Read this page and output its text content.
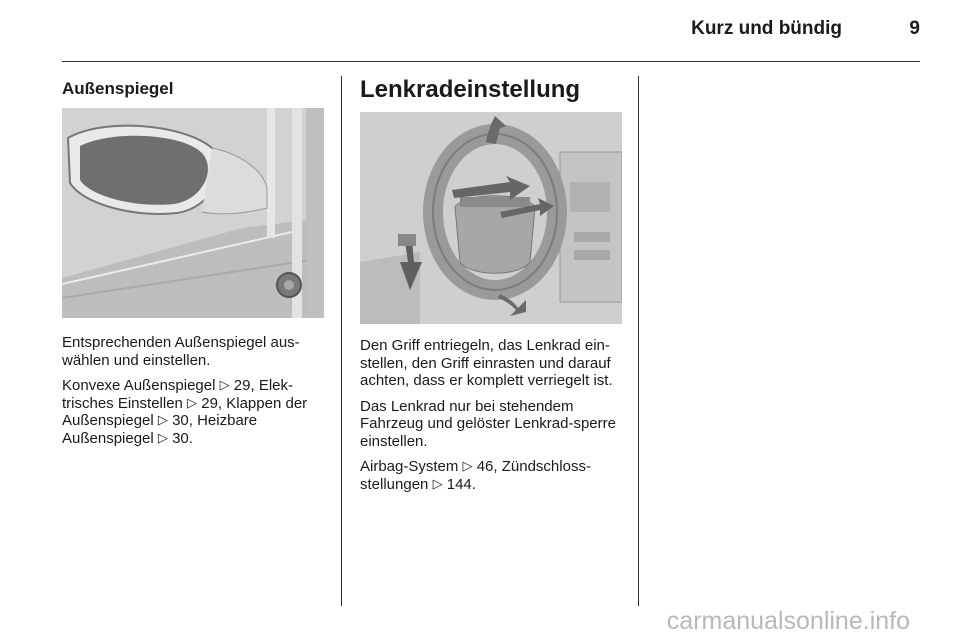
Kurz und bündig	9
Außenspiegel

Entsprechenden Außenspiegel aus-wählen und einstellen.

Konvexe Außenspiegel ▷ 29, Elek-trisches Einstellen ▷ 29, Klappen der Außenspiegel ▷ 30, Heizbare Außenspiegel ▷ 30.

Lenkradeinstellung

Den Griff entriegeln, das Lenkrad ein-stellen, den Griff einrasten und darauf achten, dass er komplett verriegelt ist.

Das Lenkrad nur bei stehendem Fahrzeug und gelöster Lenkrad-sperre einstellen.

Airbag-System ▷ 46, Zündschloss-stellungen ▷ 144.

carmanualsonline.info
